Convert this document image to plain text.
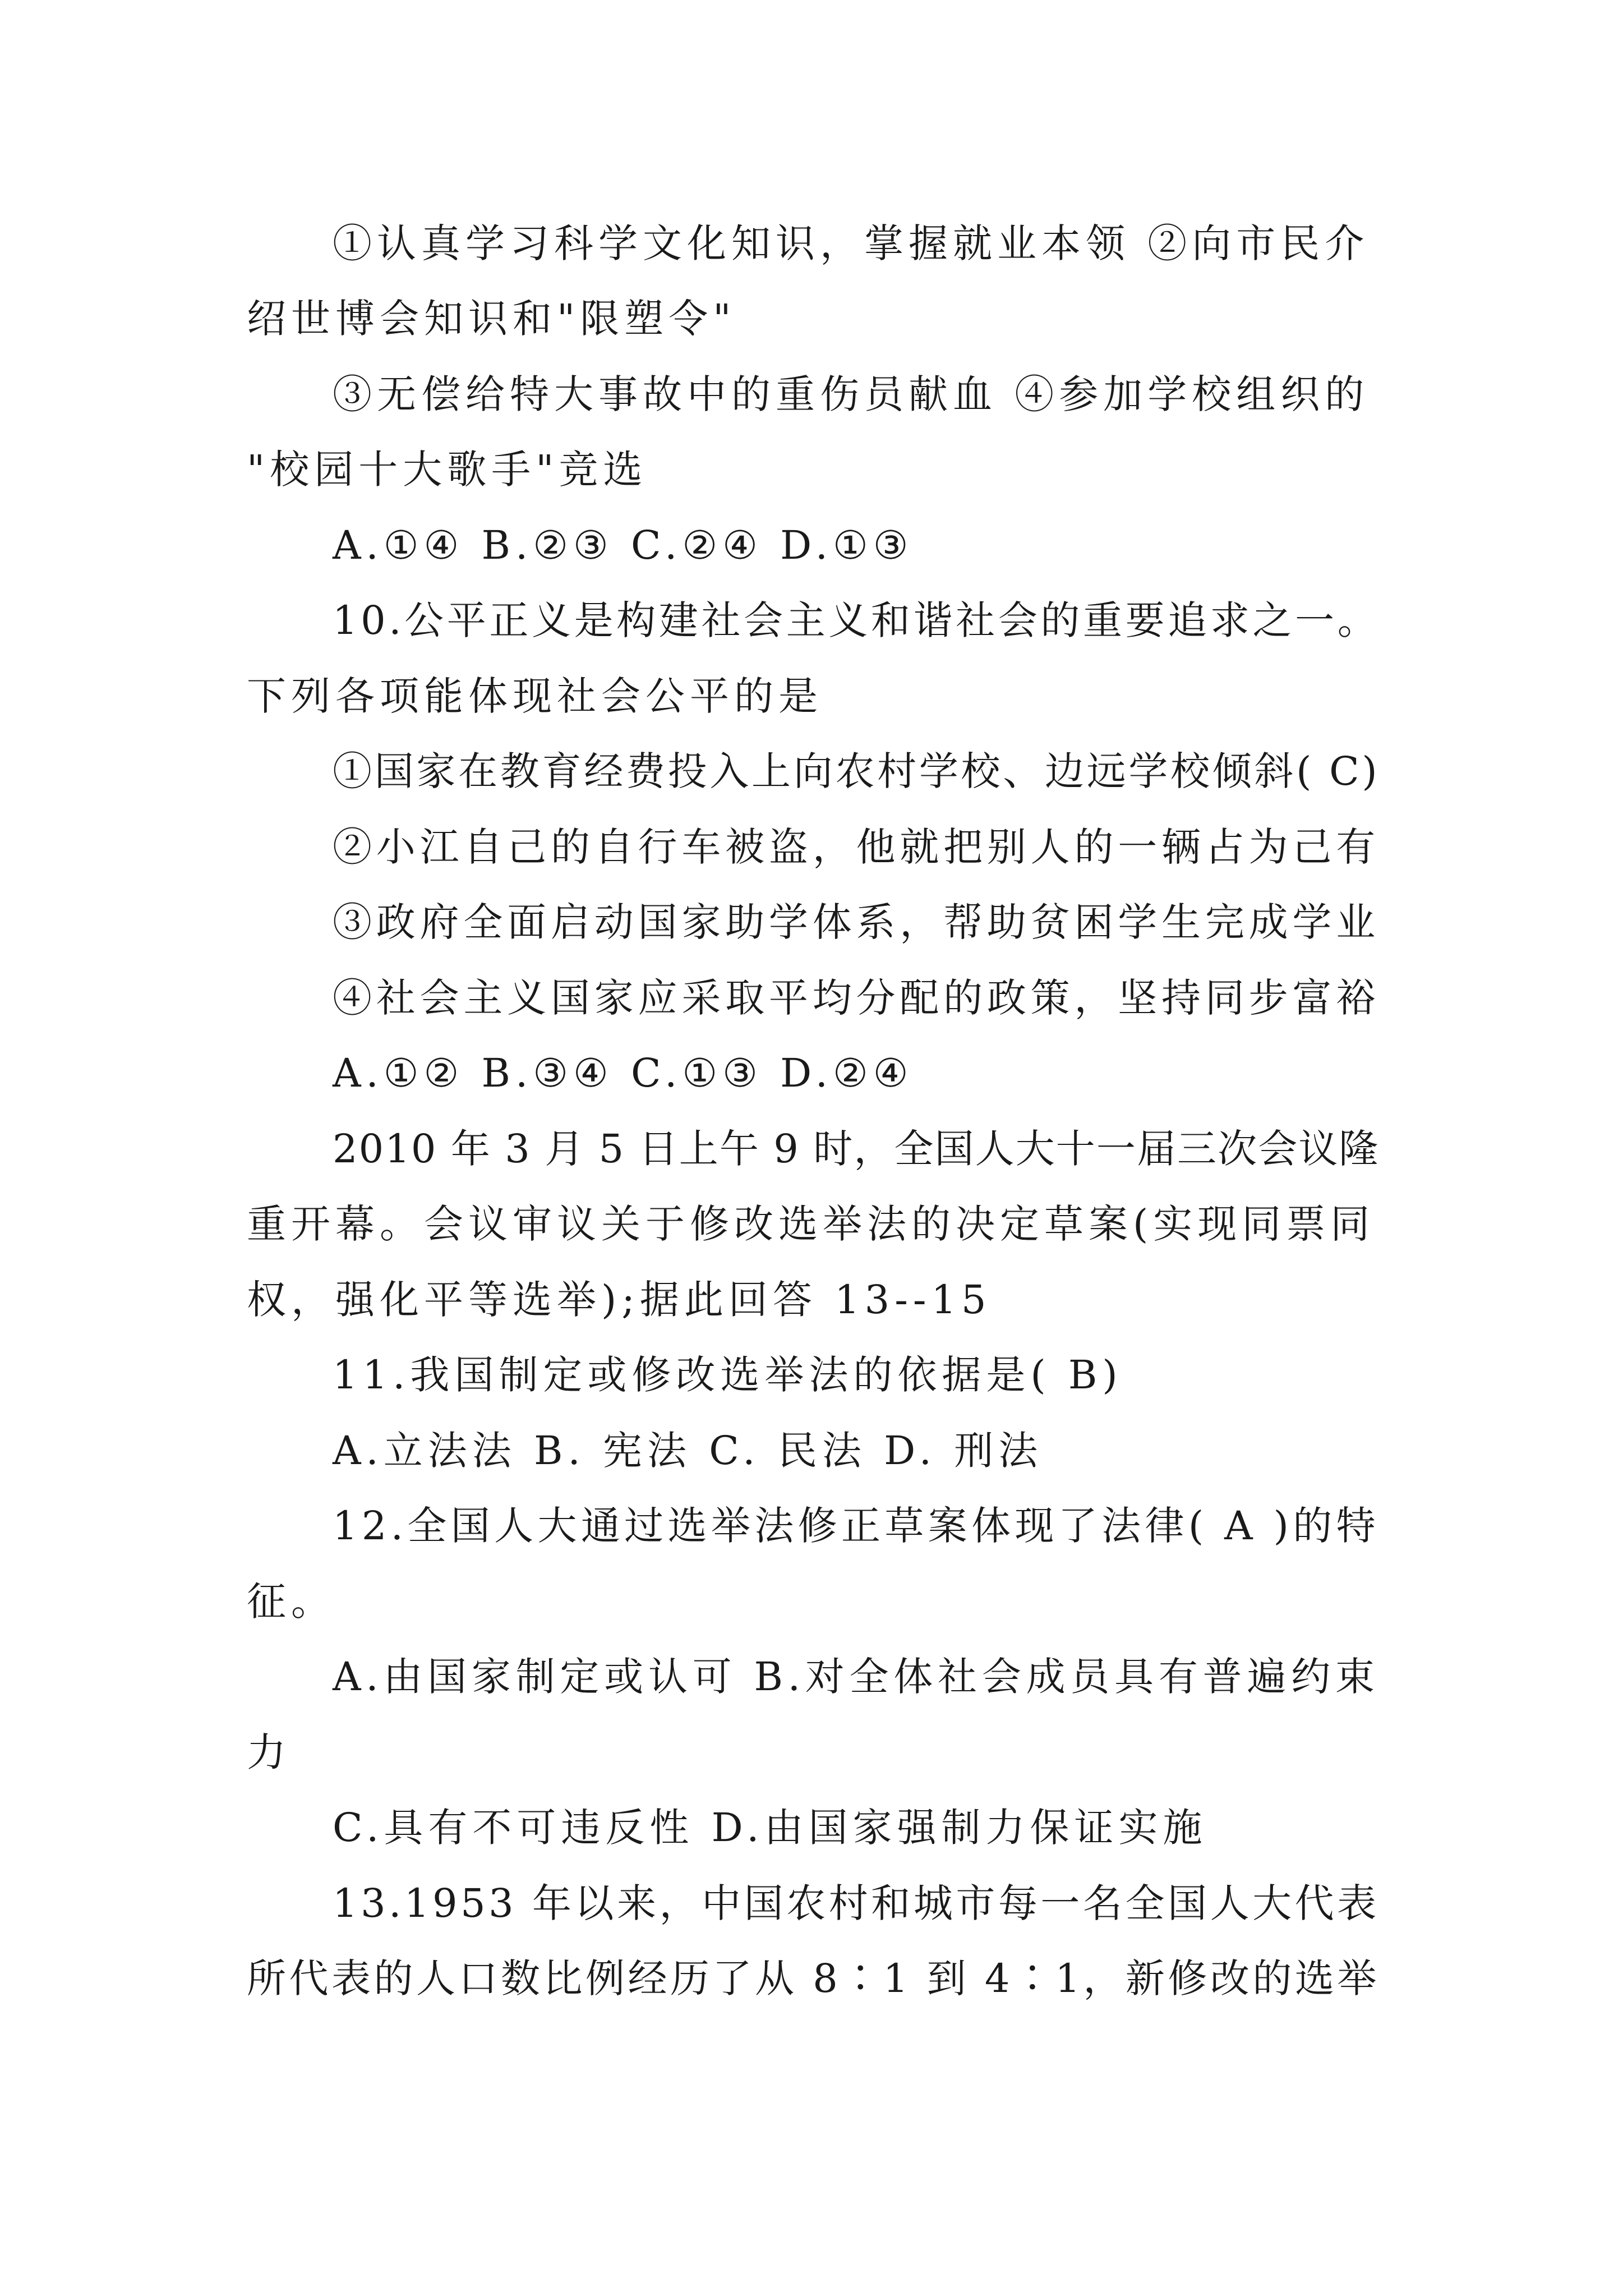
①认真学习科学文化知识，掌握就业本领 ②向市民介
绍世博会知识和"限塑令"
③无偿给特大事故中的重伤员献血 ④参加学校组织的
"校园十大歌手"竞选
A.①④ B.②③ C.②④ D.①③
10.公平正义是构建社会主义和谐社会的重要追求之一。
下列各项能体现社会公平的是
①国家在教育经费投入上向农村学校、边远学校倾斜( C)
②小江自己的自行车被盗，他就把别人的一辆占为己有
③政府全面启动国家助学体系，帮助贫困学生完成学业
④社会主义国家应采取平均分配的政策，坚持同步富裕
A.①② B.③④ C.①③ D.②④
2010 年 3 月 5 日上午 9 时，全国人大十一届三次会议隆
重开幕。会议审议关于修改选举法的决定草案(实现同票同
权，强化平等选举);据此回答 13--15
11.我国制定或修改选举法的依据是( B)
A.立法法 B. 宪法 C. 民法 D. 刑法
12.全国人大通过选举法修正草案体现了法律( A )的特
征。
A.由国家制定或认可 B.对全体社会成员具有普遍约束
力
C.具有不可违反性 D.由国家强制力保证实施
13.1953 年以来，中国农村和城市每一名全国人大代表
所代表的人口数比例经历了从 8∶1 到 4∶1，新修改的选举
